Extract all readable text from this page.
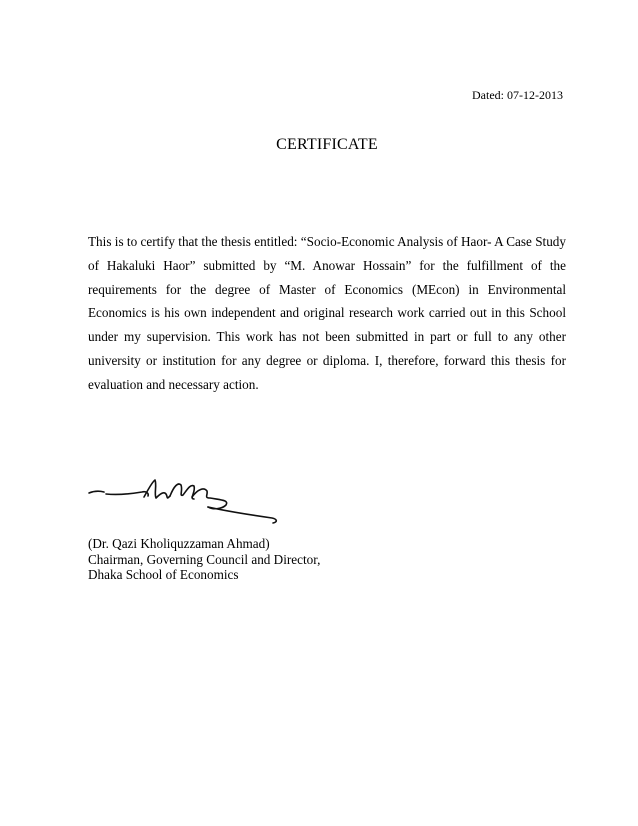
Dated: 07-12-2013
CERTIFICATE
This is to certify that the thesis entitled: “Socio-Economic Analysis of Haor- A Case Study of Hakaluki Haor” submitted by “M. Anowar Hossain” for the fulfillment of the requirements for the degree of Master of Economics (MEcon) in Environmental Economics is his own independent and original research work carried out in this School under my supervision. This work has not been submitted in part or full to any other university or institution for any degree or diploma. I, therefore, forward this thesis for evaluation and necessary action.
(Dr. Qazi Kholiquzzaman Ahmad)
Chairman, Governing Council and Director,
Dhaka School of Economics
